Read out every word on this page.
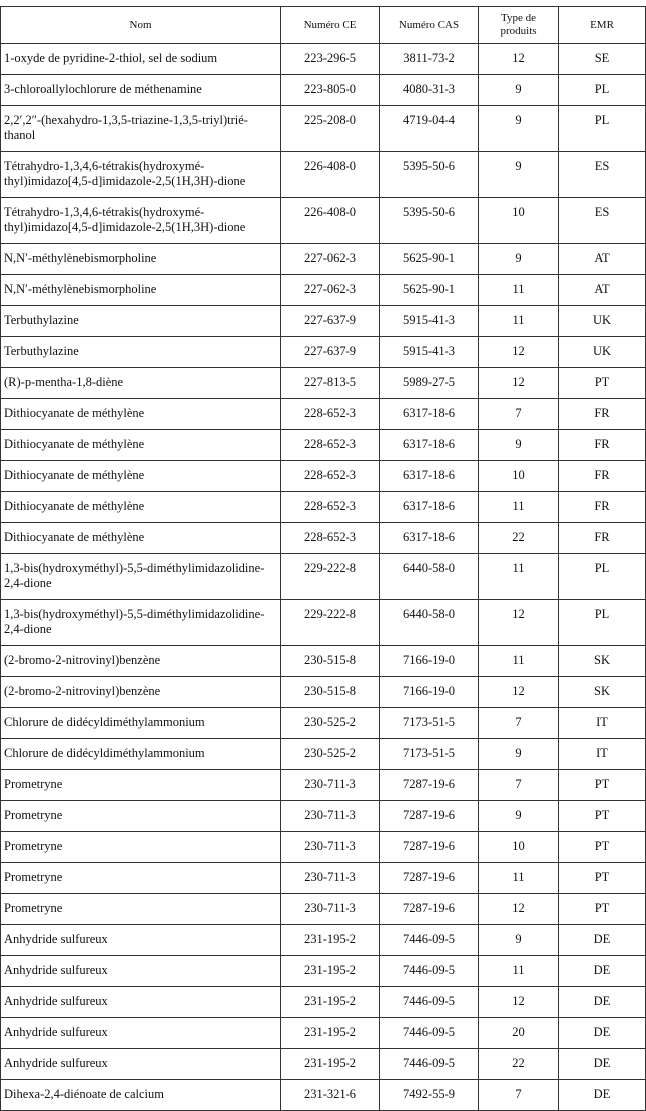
Nom	Numéro CE	Numéro CAS	Type de produits	EMR
1-oxyde de pyridine-2-thiol, sel de sodium	223-296-5	3811-73-2	12	SE
3-chloroallylochlorure de méthenamine	223-805-0	4080-31-3	9	PL
2,2′,2″-(hexahydro-1,3,5-triazine-1,3,5-triyl)trié-thanol	225-208-0	4719-04-4	9	PL
Tétrahydro-1,3,4,6-tétrakis(hydroxymé-thyl)imidazo[4,5-d]imidazole-2,5(1H,3H)-dione	226-408-0	5395-50-6	9	ES
Tétrahydro-1,3,4,6-tétrakis(hydroxymé-thyl)imidazo[4,5-d]imidazole-2,5(1H,3H)-dione	226-408-0	5395-50-6	10	ES
N,N′-méthylènebismorpholine	227-062-3	5625-90-1	9	AT
N,N′-méthylènebismorpholine	227-062-3	5625-90-1	11	AT
Terbuthylazine	227-637-9	5915-41-3	11	UK
Terbuthylazine	227-637-9	5915-41-3	12	UK
(R)-p-mentha-1,8-diène	227-813-5	5989-27-5	12	PT
Dithiocyanate de méthylène	228-652-3	6317-18-6	7	FR
Dithiocyanate de méthylène	228-652-3	6317-18-6	9	FR
Dithiocyanate de méthylène	228-652-3	6317-18-6	10	FR
Dithiocyanate de méthylène	228-652-3	6317-18-6	11	FR
Dithiocyanate de méthylène	228-652-3	6317-18-6	22	FR
1,3-bis(hydroxyméthyl)-5,5-diméthylimidazolidine-2,4-dione	229-222-8	6440-58-0	11	PL
1,3-bis(hydroxyméthyl)-5,5-diméthylimidazolidine-2,4-dione	229-222-8	6440-58-0	12	PL
(2-bromo-2-nitrovinyl)benzène	230-515-8	7166-19-0	11	SK
(2-bromo-2-nitrovinyl)benzène	230-515-8	7166-19-0	12	SK
Chlorure de didécyldiméthylammonium	230-525-2	7173-51-5	7	IT
Chlorure de didécyldiméthylammonium	230-525-2	7173-51-5	9	IT
Prometryne	230-711-3	7287-19-6	7	PT
Prometryne	230-711-3	7287-19-6	9	PT
Prometryne	230-711-3	7287-19-6	10	PT
Prometryne	230-711-3	7287-19-6	11	PT
Prometryne	230-711-3	7287-19-6	12	PT
Anhydride sulfureux	231-195-2	7446-09-5	9	DE
Anhydride sulfureux	231-195-2	7446-09-5	11	DE
Anhydride sulfureux	231-195-2	7446-09-5	12	DE
Anhydride sulfureux	231-195-2	7446-09-5	20	DE
Anhydride sulfureux	231-195-2	7446-09-5	22	DE
Dihexa-2,4-diénoate de calcium	231-321-6	7492-55-9	7	DE
